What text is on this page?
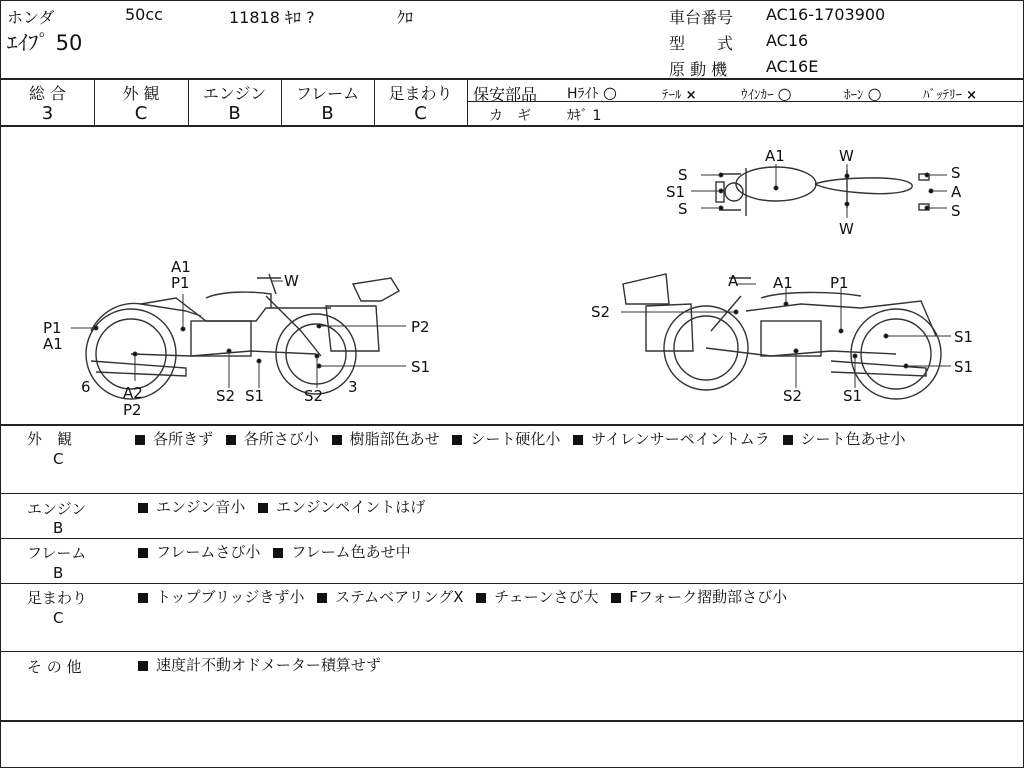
ホンダ	50cc	11818 ｷﾛ ?	ｸﾛ
ｴｲﾌﾟ 50
車台番号 AC16-1703900
型　　式 AC16
原 動 機 AC16E
総 合
3
外 観
C
エンジン
B
フレーム
B
足まわり
C
保安部品 Hﾗｲﾄ ○	ﾃｰﾙ ×	ｳｲﾝｶｰ ○	ﾎｰﾝ ○	ﾊﾞｯﾃﾘｰ ×
カ　ギ	ｶｷﾞ 1
A1	W
W
S
S1
S
S
A
S
A1
P1	W
P1
A1
P2
S1
6 A2
P2
S2 S1	S2 3
A A1 P1
S2
S1
S1
S2	S1
外　観
C
各所きず 各所さび小 樹脂部色あせ シート硬化小 サイレンサーペイントムラ シート色あせ小
エンジン
B
エンジン音小 エンジンペイントはげ
フレーム
B
フレームさび小 フレーム色あせ中
足まわり
C
トップブリッジきず小 ステムベアリングX チェーンさび大 Fフォーク摺動部さび小
そ の 他	速度計不動オドメーター積算せず
